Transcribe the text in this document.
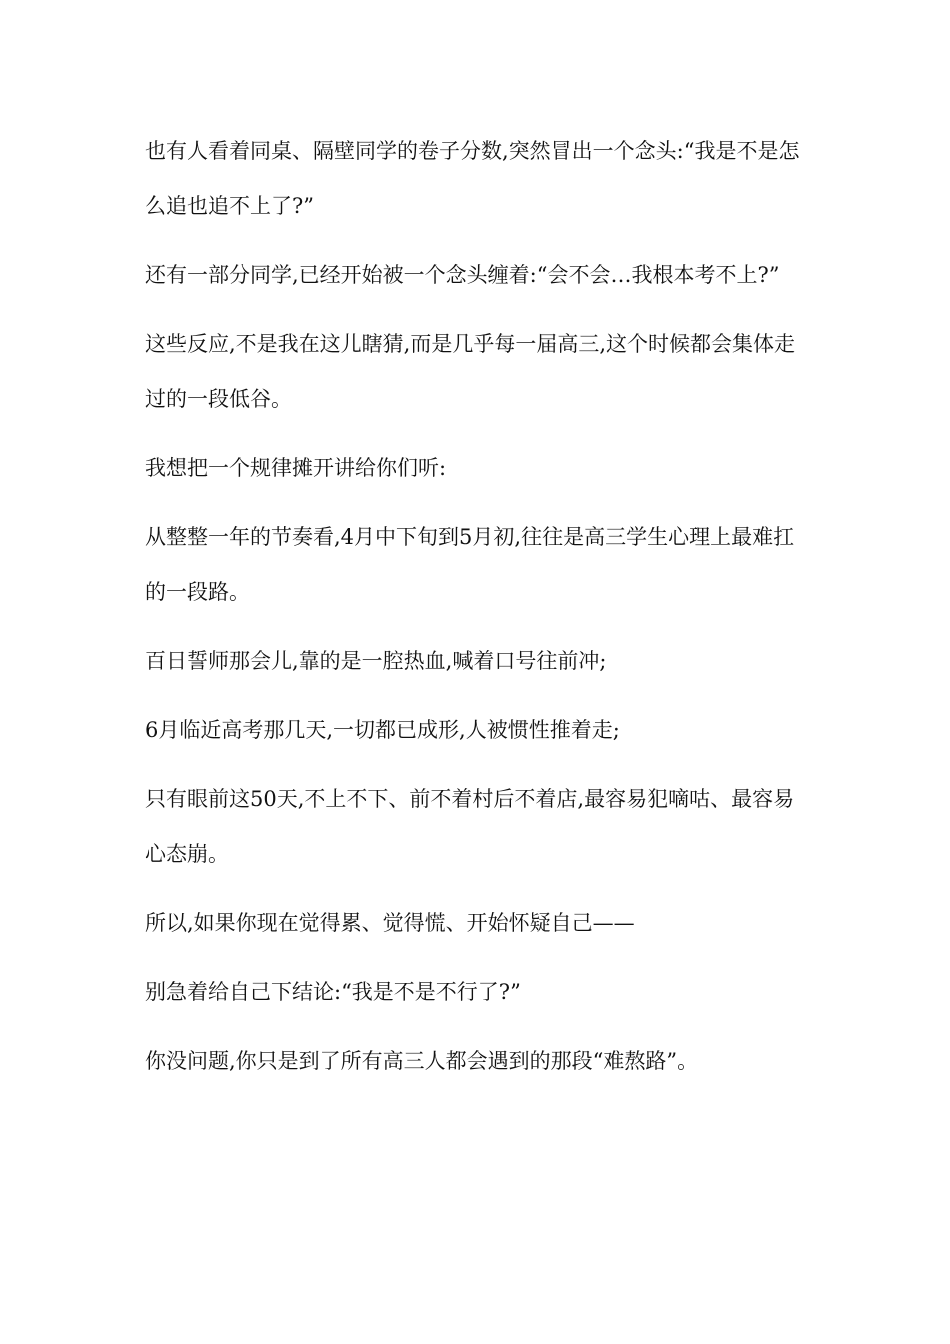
也有人看着同桌、隔壁同学的卷子分数,突然冒出一个念头:“我是不是怎么追也追不上了?”

还有一部分同学,已经开始被一个念头缠着:“会不会…我根本考不上?”

这些反应,不是我在这儿瞎猜,而是几乎每一届高三,这个时候都会集体走过的一段低谷。

我想把一个规律摊开讲给你们听:

从整整一年的节奏看,4月中下旬到5月初,往往是高三学生心理上最难扛的一段路。

百日誓师那会儿,靠的是一腔热血,喊着口号往前冲;

6月临近高考那几天,一切都已成形,人被惯性推着走;

只有眼前这50天,不上不下、前不着村后不着店,最容易犯嘀咕、最容易心态崩。

所以,如果你现在觉得累、觉得慌、开始怀疑自己——

别急着给自己下结论:“我是不是不行了?”

你没问题,你只是到了所有高三人都会遇到的那段“难熬路”。
